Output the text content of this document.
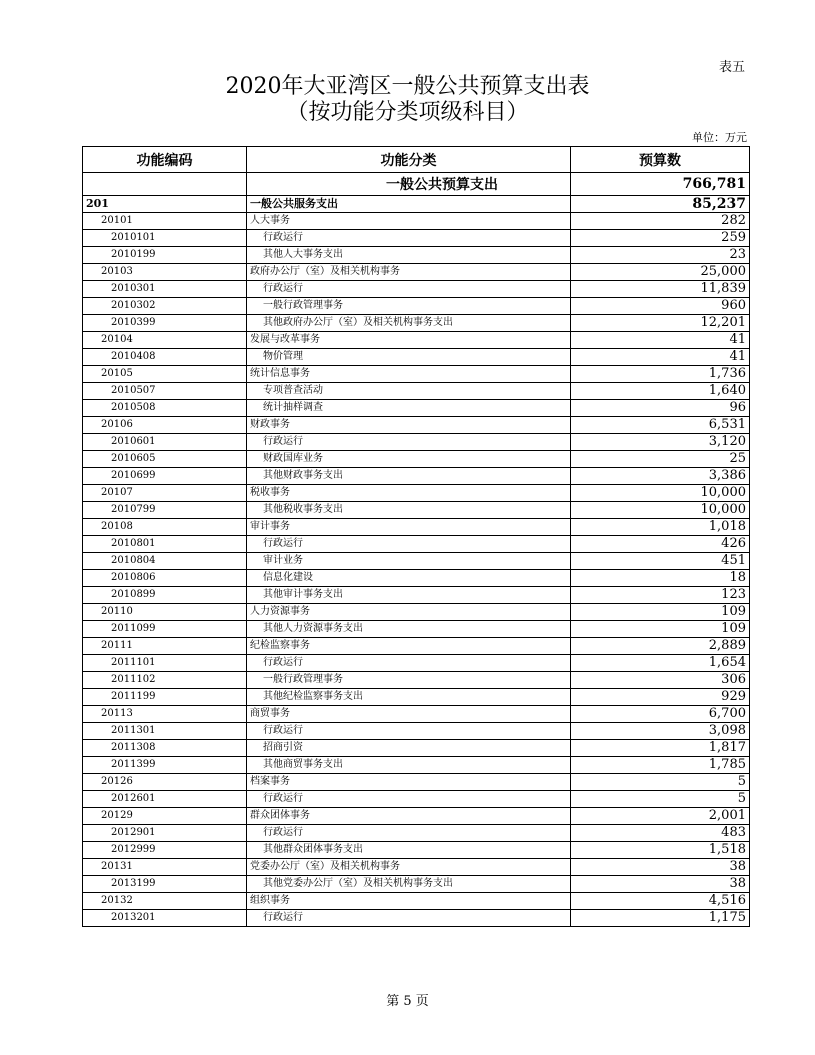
表五
2020年大亚湾区一般公共预算支出表
（按功能分类项级科目）
单位：万元
功能编码	功能分类	预算数
	一般公共预算支出	766,781
201	一般公共服务支出	85,237
20101	人大事务	282
2010101	行政运行	259
2010199	其他人大事务支出	23
20103	政府办公厅（室）及相关机构事务	25,000
2010301	行政运行	11,839
2010302	一般行政管理事务	960
2010399	其他政府办公厅（室）及相关机构事务支出	12,201
20104	发展与改革事务	41
2010408	物价管理	41
20105	统计信息事务	1,736
2010507	专项普查活动	1,640
2010508	统计抽样调查	96
20106	财政事务	6,531
2010601	行政运行	3,120
2010605	财政国库业务	25
2010699	其他财政事务支出	3,386
20107	税收事务	10,000
2010799	其他税收事务支出	10,000
20108	审计事务	1,018
2010801	行政运行	426
2010804	审计业务	451
2010806	信息化建设	18
2010899	其他审计事务支出	123
20110	人力资源事务	109
2011099	其他人力资源事务支出	109
20111	纪检监察事务	2,889
2011101	行政运行	1,654
2011102	一般行政管理事务	306
2011199	其他纪检监察事务支出	929
20113	商贸事务	6,700
2011301	行政运行	3,098
2011308	招商引资	1,817
2011399	其他商贸事务支出	1,785
20126	档案事务	5
2012601	行政运行	5
20129	群众团体事务	2,001
2012901	行政运行	483
2012999	其他群众团体事务支出	1,518
20131	党委办公厅（室）及相关机构事务	38
2013199	其他党委办公厅（室）及相关机构事务支出	38
20132	组织事务	4,516
2013201	行政运行	1,175
第 5 页
